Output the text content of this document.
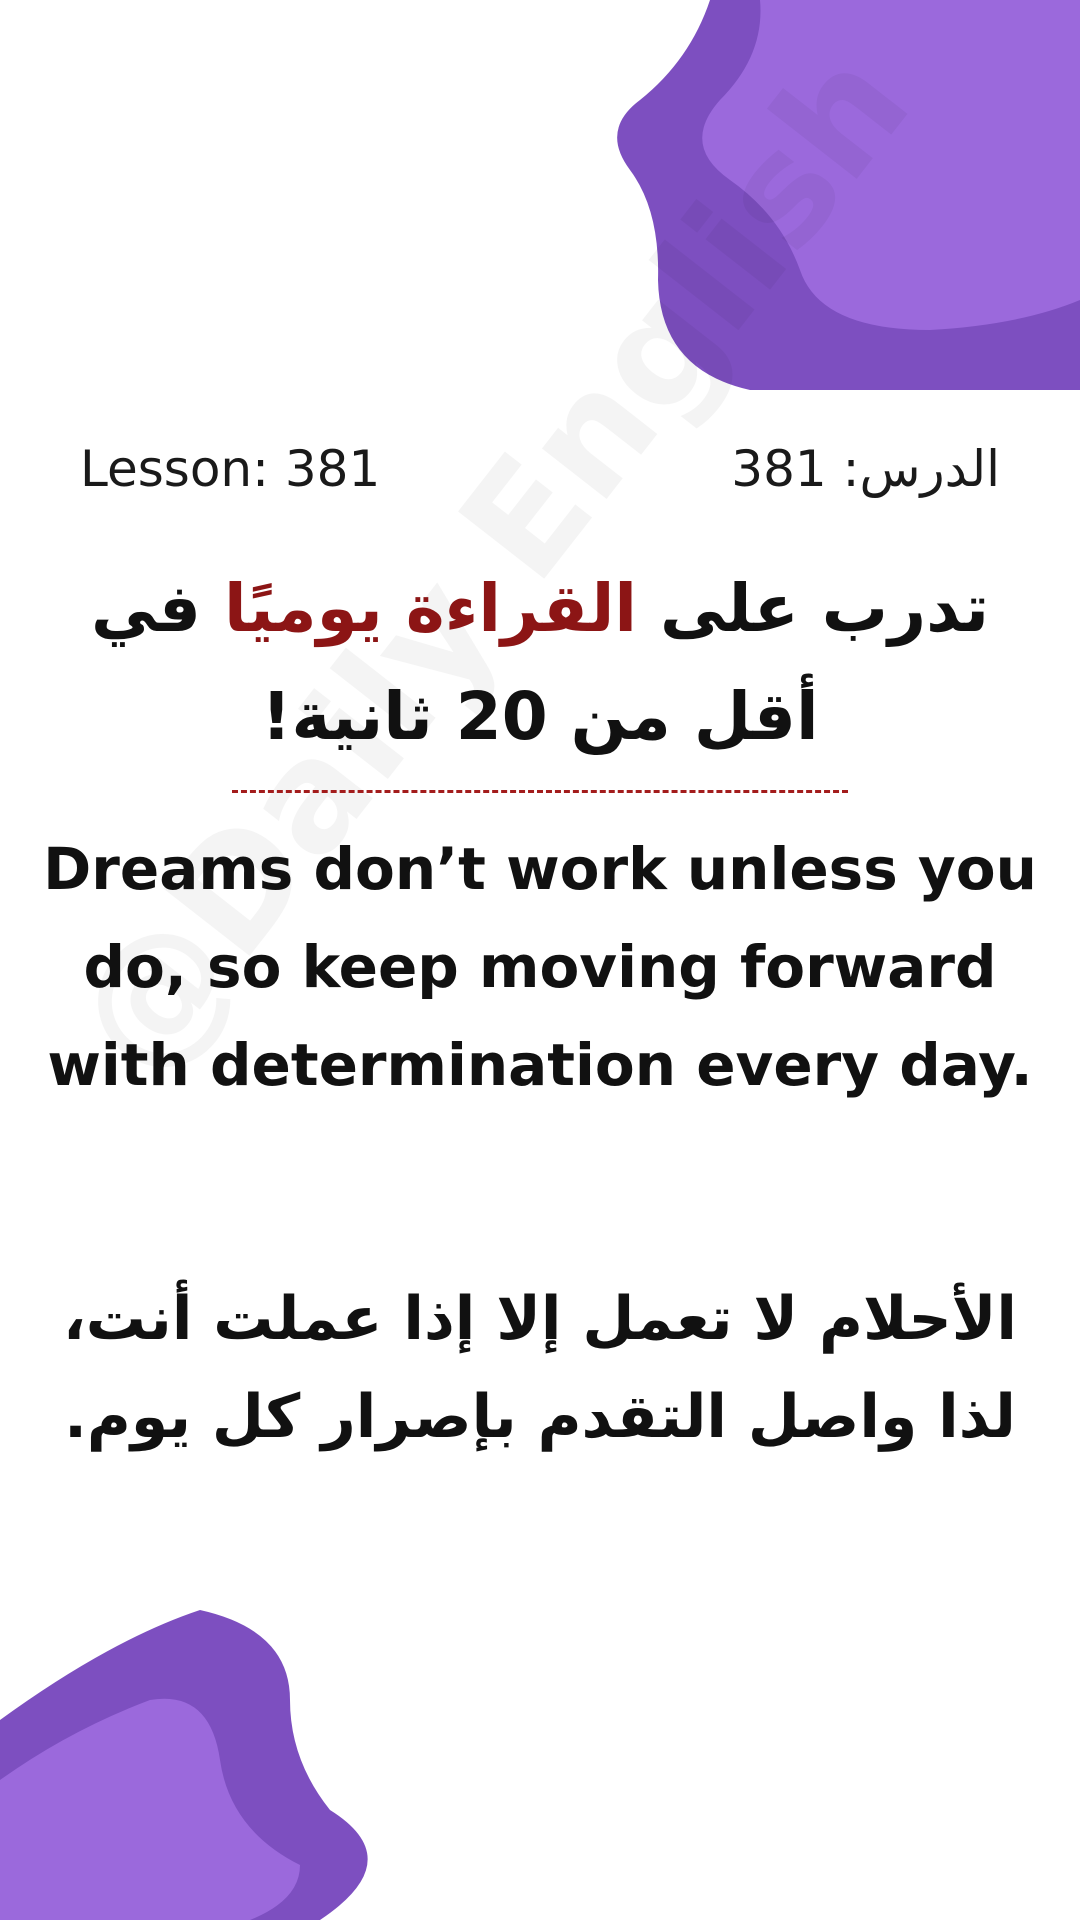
Lesson: 381	الدرس: 381
تدرب على القراءة يوميًا في
أقل من 20 ثانية!
Dreams don’t work unless you do, so keep moving forward with determination every day.
الأحلام لا تعمل إلا إذا عملت أنت،
لذا واصل التقدم بإصرار كل يوم.
